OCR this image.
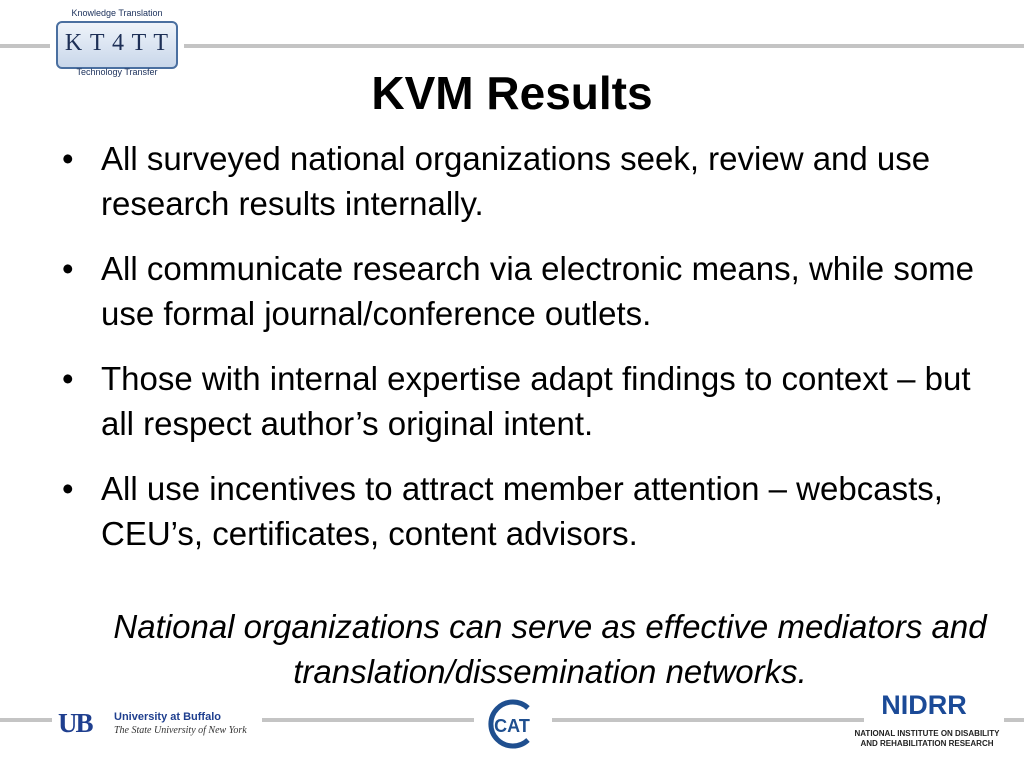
Knowledge Translation
K T 4 T T
Technology Transfer	KVM Results
• All surveyed national organizations seek, review and use research results internally.
• All communicate research via electronic means, while some use formal journal/conference outlets.
• Those with internal expertise adapt findings to context – but all respect author’s original intent.
• All use incentives to attract member attention – webcasts, CEU’s, certificates, content advisors.
National organizations can serve as effective mediators and translation/dissemination networks.
UB	University at Buffalo
The State University of New York	CAT
NIDRR
NATIONAL INSTITUTE ON DISABILITY
AND REHABILITATION RESEARCH
